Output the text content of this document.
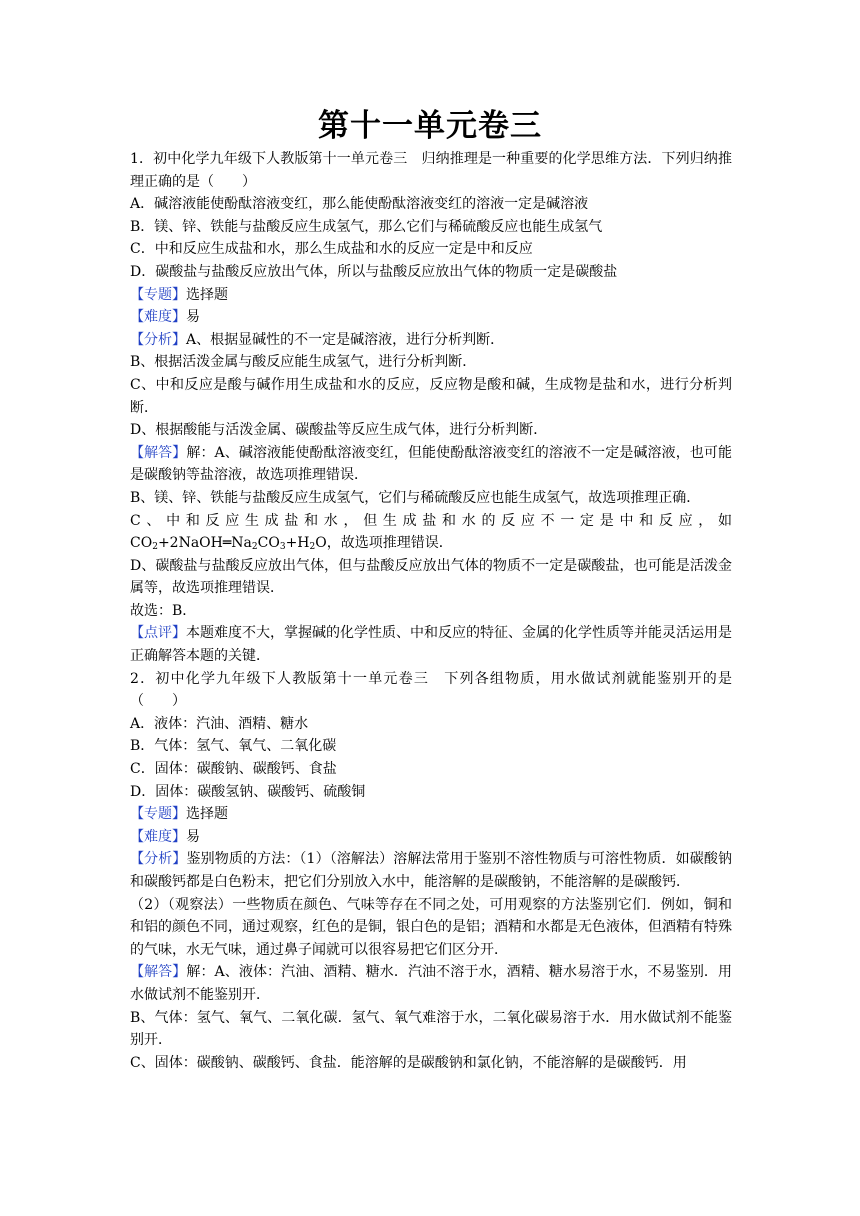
第十一单元卷三

1．初中化学九年级下人教版第十一单元卷三　归纳推理是一种重要的化学思维方法．下列归纳推理正确的是（　　）

A．碱溶液能使酚酞溶液变红，那么能使酚酞溶液变红的溶液一定是碱溶液

B．镁、锌、铁能与盐酸反应生成氢气，那么它们与稀硫酸反应也能生成氢气

C．中和反应生成盐和水，那么生成盐和水的反应一定是中和反应

D．碳酸盐与盐酸反应放出气体，所以与盐酸反应放出气体的物质一定是碳酸盐

【专题】选择题

【难度】易

【分析】A、根据显碱性的不一定是碱溶液，进行分析判断．

B、根据活泼金属与酸反应能生成氢气，进行分析判断．

C、中和反应是酸与碱作用生成盐和水的反应，反应物是酸和碱，生成物是盐和水，进行分析判断．

D、根据酸能与活泼金属、碳酸盐等反应生成气体，进行分析判断．

【解答】解：A、碱溶液能使酚酞溶液变红，但能使酚酞溶液变红的溶液不一定是碱溶液，也可能是碳酸钠等盐溶液，故选项推理错误．

B、镁、锌、铁能与盐酸反应生成氢气，它们与稀硫酸反应也能生成氢气，故选项推理正确．

C、中和反应生成盐和水，但生成盐和水的反应不一定是中和反应，如

$CO_2+2NaOH═Na_2CO_3+H_2O$，故选项推理错误．

D、碳酸盐与盐酸反应放出气体，但与盐酸反应放出气体的物质不一定是碳酸盐，也可能是活泼金属等，故选项推理错误．

故选：B．

【点评】本题难度不大，掌握碱的化学性质、中和反应的特征、金属的化学性质等并能灵活运用是正确解答本题的关键．

2．初中化学九年级下人教版第十一单元卷三　下列各组物质，用水做试剂就能鉴别开的是（　　）

A．液体：汽油、酒精、糖水

B．气体：氢气、氧气、二氧化碳

C．固体：碳酸钠、碳酸钙、食盐

D．固体：碳酸氢钠、碳酸钙、硫酸铜

【专题】选择题

【难度】易

【分析】鉴别物质的方法：（1）（溶解法）溶解法常用于鉴别不溶性物质与可溶性物质．如碳酸钠和碳酸钙都是白色粉末，把它们分别放入水中，能溶解的是碳酸钠，不能溶解的是碳酸钙．

（2）（观察法）一些物质在颜色、气味等存在不同之处，可用观察的方法鉴别它们．例如，铜和和铝的颜色不同，通过观察，红色的是铜，银白色的是铝；酒精和水都是无色液体，但酒精有特殊的气味，水无气味，通过鼻子闻就可以很容易把它们区分开．

【解答】解：A、液体：汽油、酒精、糖水．汽油不溶于水，酒精、糖水易溶于水，不易鉴别．用水做试剂不能鉴别开．

B、气体：氢气、氧气、二氧化碳．氢气、氧气难溶于水，二氧化碳易溶于水．用水做试剂不能鉴别开．

C、固体：碳酸钠、碳酸钙、食盐．能溶解的是碳酸钠和氯化钠，不能溶解的是碳酸钙．用
